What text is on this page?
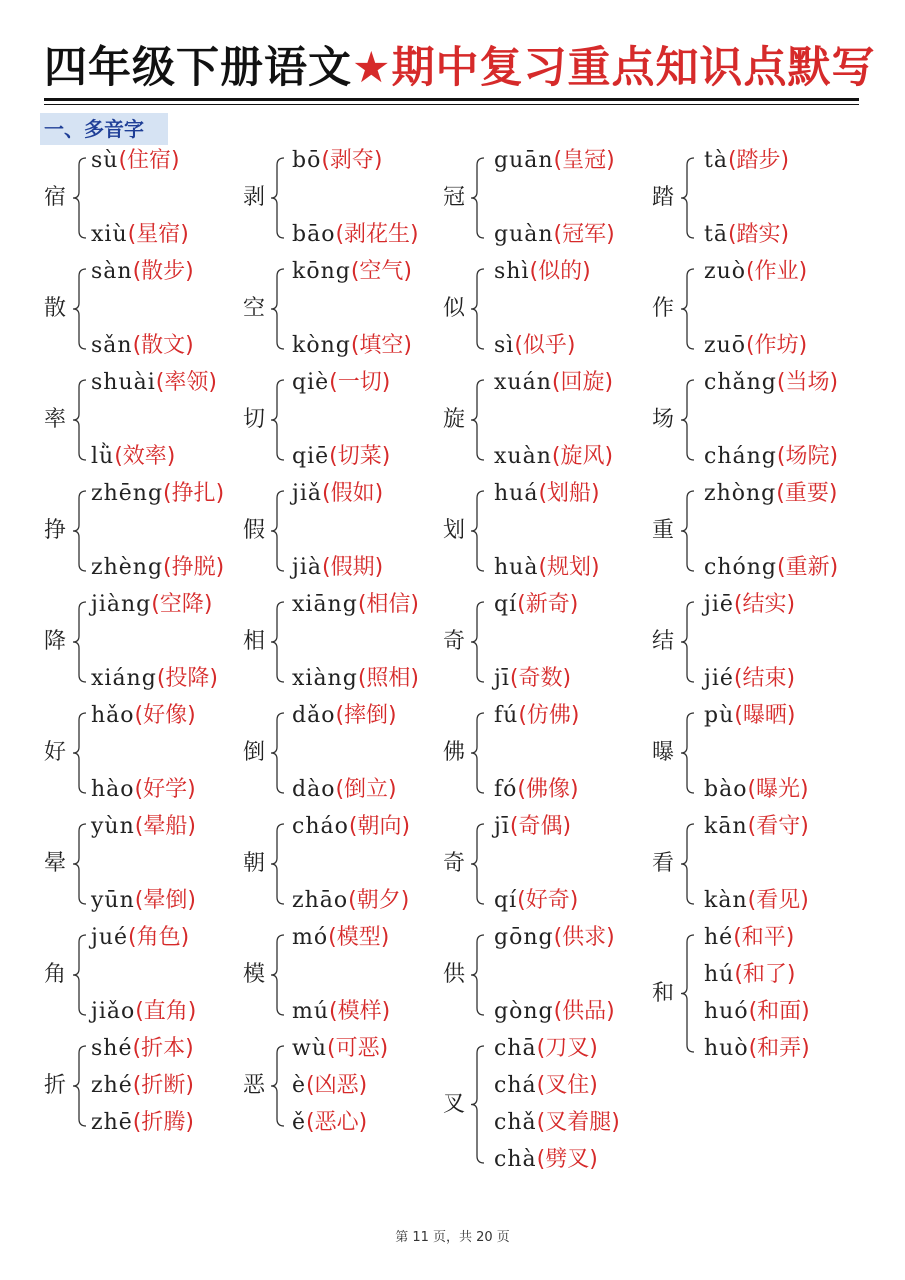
四年级下册语文★期中复习重点知识点默写
一、多音字
宿
sù(住宿)
xiù(星宿)
剥
bō(剥夺)
bāo(剥花生)
冠
guān(皇冠)
guàn(冠军)
踏
tà(踏步)
tā(踏实)
散
sàn(散步)
sǎn(散文)
空
kōng(空气)
kòng(填空)
似
shì(似的)
sì(似乎)
作
zuò(作业)
zuō(作坊)
率
shuài(率领)
lǜ(效率)
切
qiè(一切)
qiē(切菜)
旋
xuán(回旋)
xuàn(旋风)
场
chǎng(当场)
cháng(场院)
挣
zhēng(挣扎)
zhèng(挣脱)
假
jiǎ(假如)
jià(假期)
划
huá(划船)
huà(规划)
重
zhòng(重要)
chóng(重新)
降
jiàng(空降)
xiáng(投降)
相
xiāng(相信)
xiàng(照相)
奇
qí(新奇)
jī(奇数)
结
jiē(结实)
jié(结束)
好
hǎo(好像)
hào(好学)
倒
dǎo(摔倒)
dào(倒立)
佛
fú(仿佛)
fó(佛像)
曝
pù(曝晒)
bào(曝光)
晕
yùn(晕船)
yūn(晕倒)
朝
cháo(朝向)
zhāo(朝夕)
奇
jī(奇偶)
qí(好奇)
看
kān(看守)
kàn(看见)
角
jué(角色)
jiǎo(直角)
模
mó(模型)
mú(模样)
供
gōng(供求)
gòng(供品)
和
hé(和平)
hú(和了)
huó(和面)
huò(和弄)
折
shé(折本)
zhé(折断)
zhē(折腾)
恶
wù(可恶)
è(凶恶)
ě(恶心)
叉
chā(刀叉)
chá(叉住)
chǎ(叉着腿)
chà(劈叉)
第 11 页，共 20 页
